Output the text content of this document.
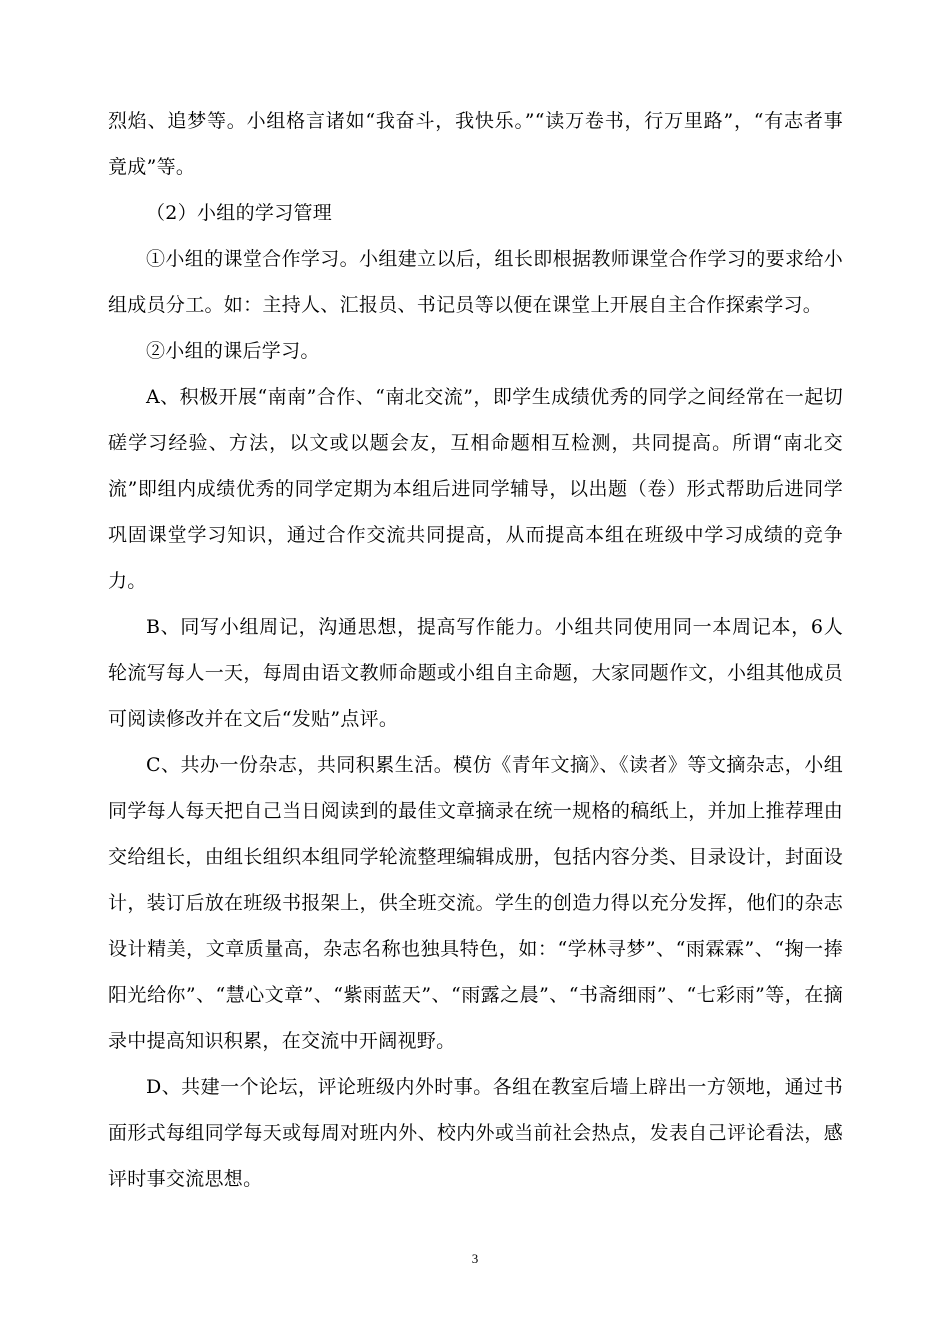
烈焰、追梦等。小组格言诸如“我奋斗，我快乐。”“读万卷书，行万里路”，“有志者事竟成”等。

（2）小组的学习管理

①小组的课堂合作学习。小组建立以后，组长即根据教师课堂合作学习的要求给小组成员分工。如：主持人、汇报员、书记员等以便在课堂上开展自主合作探索学习。

②小组的课后学习。

A、积极开展“南南”合作、“南北交流”，即学生成绩优秀的同学之间经常在一起切磋学习经验、方法，以文或以题会友，互相命题相互检测，共同提高。所谓“南北交流”即组内成绩优秀的同学定期为本组后进同学辅导，以出题（卷）形式帮助后进同学巩固课堂学习知识，通过合作交流共同提高，从而提高本组在班级中学习成绩的竞争力。

B、同写小组周记，沟通思想，提高写作能力。小组共同使用同一本周记本，6人轮流写每人一天，每周由语文教师命题或小组自主命题，大家同题作文，小组其他成员可阅读修改并在文后“发贴”点评。

C、共办一份杂志，共同积累生活。模仿《青年文摘》、《读者》等文摘杂志，小组同学每人每天把自己当日阅读到的最佳文章摘录在统一规格的稿纸上，并加上推荐理由交给组长，由组长组织本组同学轮流整理编辑成册，包括内容分类、目录设计，封面设计，装订后放在班级书报架上，供全班交流。学生的创造力得以充分发挥，他们的杂志设计精美，文章质量高，杂志名称也独具特色，如：“学林寻梦”、“雨霖霖”、“掬一捧阳光给你”、“慧心文章”、“紫雨蓝天”、“雨露之晨”、“书斋细雨”、“七彩雨”等，在摘录中提高知识积累，在交流中开阔视野。

D、共建一个论坛，评论班级内外时事。各组在教室后墙上辟出一方领地，通过书面形式每组同学每天或每周对班内外、校内外或当前社会热点，发表自己评论看法，感评时事交流思想。

3
